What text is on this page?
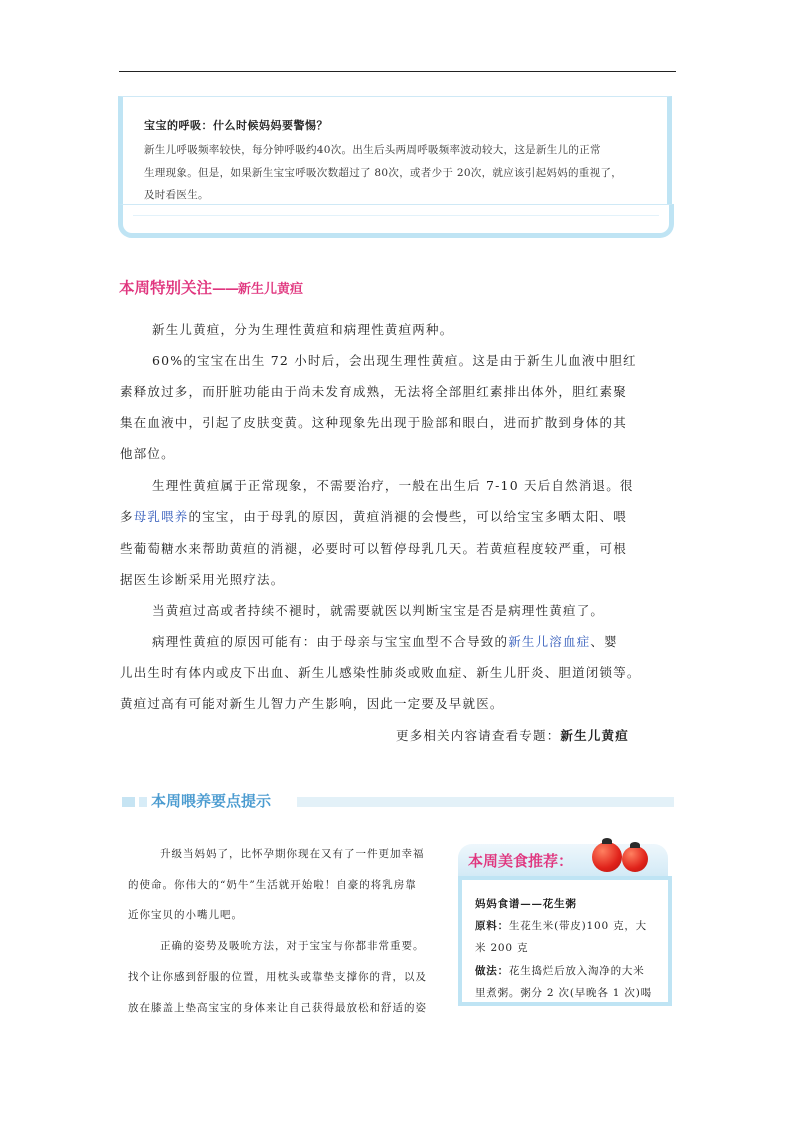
宝宝的呼吸：什么时候妈妈要警惕？
新生儿呼吸频率较快，每分钟呼吸约40次。出生后头两周呼吸频率波动较大，这是新生儿的正常
生理现象。但是，如果新生宝宝呼吸次数超过了 80次，或者少于 20次，就应该引起妈妈的重视了，
及时看医生。
本周特别关注——新生儿黄疸
新生儿黄疸，分为生理性黄疸和病理性黄疸两种。
60%的宝宝在出生 72 小时后，会出现生理性黄疸。这是由于新生儿血液中胆红
素释放过多，而肝脏功能由于尚未发育成熟，无法将全部胆红素排出体外，胆红素聚
集在血液中，引起了皮肤变黄。这种现象先出现于脸部和眼白，进而扩散到身体的其
他部位。
生理性黄疸属于正常现象，不需要治疗，一般在出生后 7-10 天后自然消退。很
多母乳喂养的宝宝，由于母乳的原因，黄疸消褪的会慢些，可以给宝宝多晒太阳、喂
些葡萄糖水来帮助黄疸的消褪，必要时可以暂停母乳几天。若黄疸程度较严重，可根
据医生诊断采用光照疗法。
当黄疸过高或者持续不褪时，就需要就医以判断宝宝是否是病理性黄疸了。
病理性黄疸的原因可能有：由于母亲与宝宝血型不合导致的新生儿溶血症、婴
儿出生时有体内或皮下出血、新生儿感染性肺炎或败血症、新生儿肝炎、胆道闭锁等。
黄疸过高有可能对新生儿智力产生影响，因此一定要及早就医。
更多相关内容请查看专题：新生儿黄疸
本周喂养要点提示
升级当妈妈了，比怀孕期你现在又有了一件更加幸福
的使命。你伟大的“奶牛”生活就开始啦！自豪的将乳房靠
近你宝贝的小嘴儿吧。
正确的姿势及吸吮方法，对于宝宝与你都非常重要。
找个让你感到舒服的位置，用枕头或靠垫支撑你的背，以及
放在膝盖上垫高宝宝的身体来让自己获得最放松和舒适的姿
本周美食推荐：
妈妈食谱——花生粥
原料：生花生米(带皮)100 克，大
米 200 克
做法：花生捣烂后放入淘净的大米
里煮粥。粥分 2 次(早晚各 1 次)喝
